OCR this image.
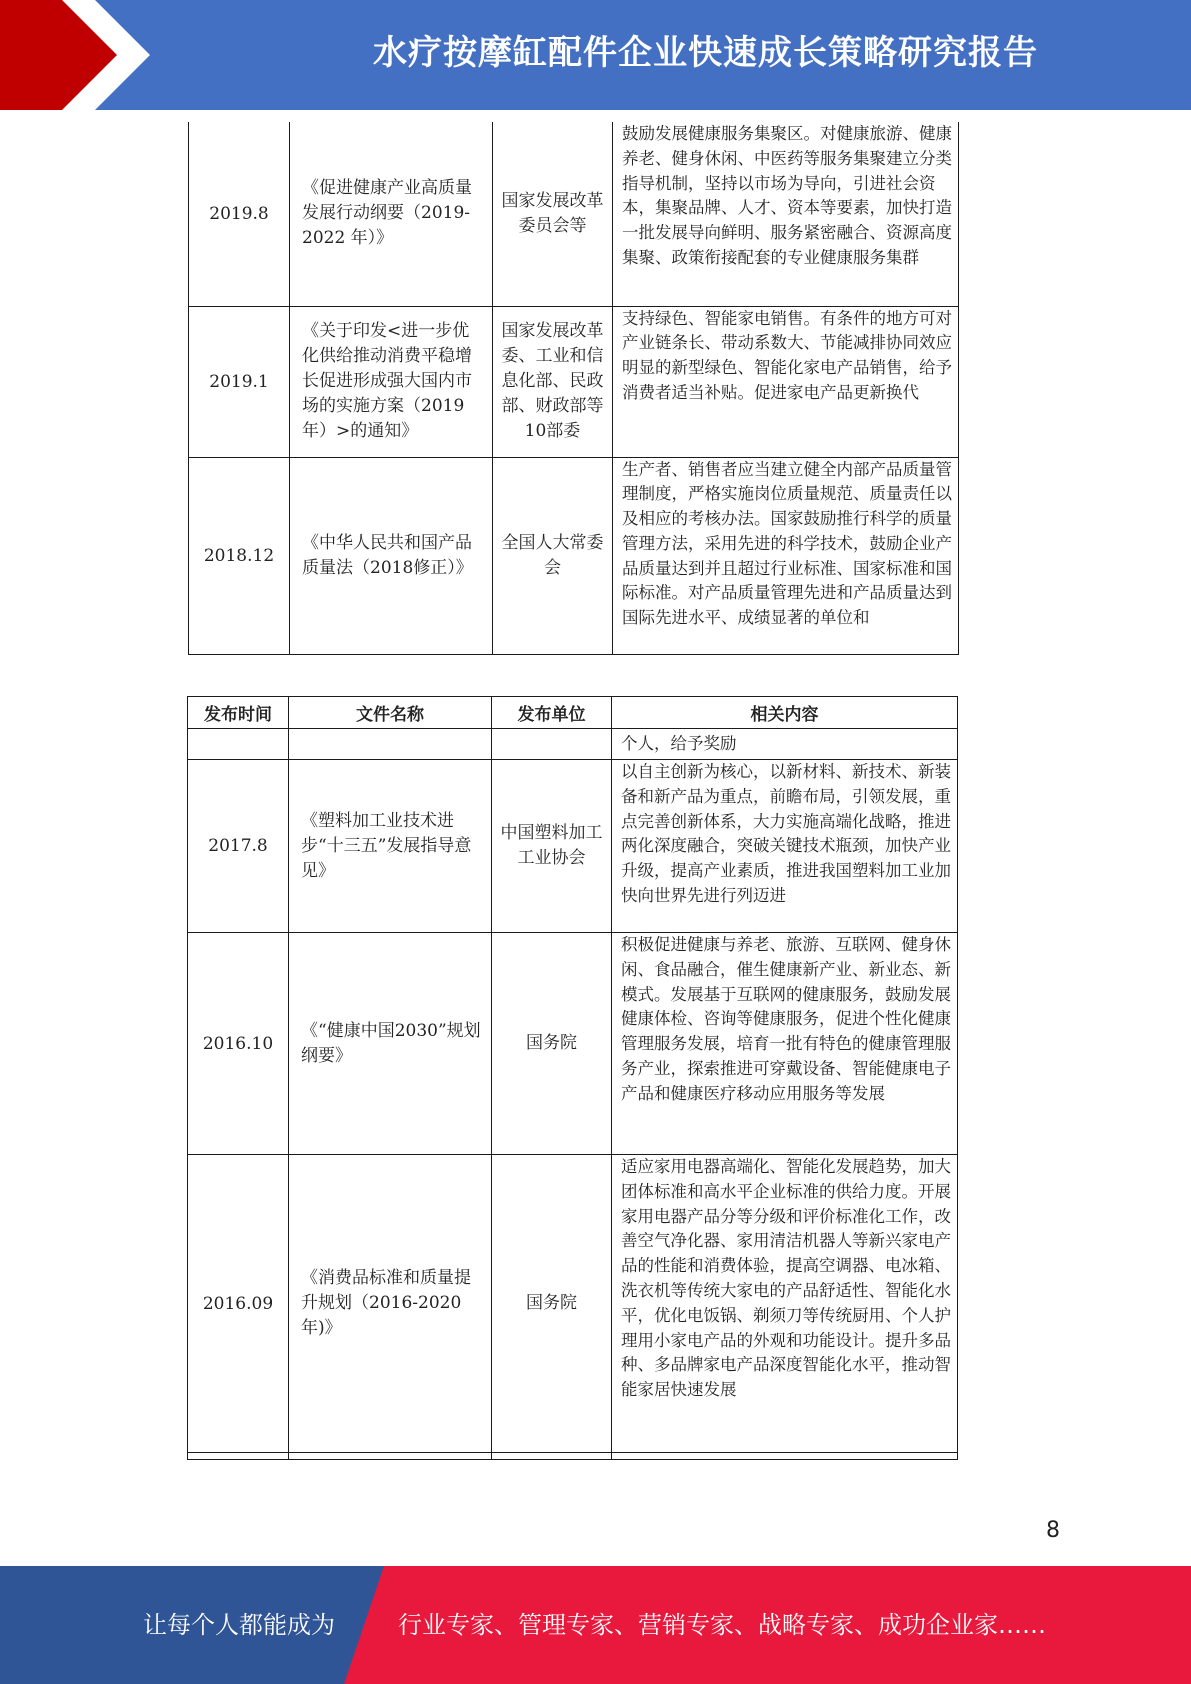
水疗按摩缸配件企业快速成长策略研究报告
2019.8	《促进健康产业高质量发展行动纲要（2019-2022 年）》	国家发展改革委员会等	鼓励发展健康服务集聚区。对健康旅游、健康养老、健身休闲、中医药等服务集聚建立分类指导机制，坚持以市场为导向，引进社会资本，集聚品牌、人才、资本等要素，加快打造一批发展导向鲜明、服务紧密融合、资源高度集聚、政策衔接配套的专业健康服务集群
2019.1	《关于印发<进一步优化供给推动消费平稳增长促进形成强大国内市场的实施方案（2019 年）>的通知》	国家发展改革委、工业和信息化部、民政部、财政部等10部委	支持绿色、智能家电销售。有条件的地方可对产业链条长、带动系数大、节能减排协同效应明显的新型绿色、智能化家电产品销售，给予消费者适当补贴。促进家电产品更新换代
2018.12	《中华人民共和国产品质量法（2018修正）》	全国人大常委会	生产者、销售者应当建立健全内部产品质量管理制度，严格实施岗位质量规范、质量责任以及相应的考核办法。国家鼓励推行科学的质量管理方法，采用先进的科学技术，鼓励企业产品质量达到并且超过行业标准、国家标准和国际标准。对产品质量管理先进和产品质量达到国际先进水平、成绩显著的单位和
发布时间	文件名称	发布单位	相关内容
			个人，给予奖励
2017.8	《塑料加工业技术进步“十三五”发展指导意见》	中国塑料加工工业协会	以自主创新为核心，以新材料、新技术、新装备和新产品为重点，前瞻布局，引领发展，重点完善创新体系，大力实施高端化战略，推进两化深度融合，突破关键技术瓶颈，加快产业升级，提高产业素质，推进我国塑料加工业加快向世界先进行列迈进
2016.10	《“健康中国2030”规划纲要》	国务院	积极促进健康与养老、旅游、互联网、健身休闲、食品融合，催生健康新产业、新业态、新模式。发展基于互联网的健康服务，鼓励发展健康体检、咨询等健康服务，促进个性化健康管理服务发展，培育一批有特色的健康管理服务产业，探索推进可穿戴设备、智能健康电子产品和健康医疗移动应用服务等发展
2016.09	《消费品标准和质量提升规划（2016-2020年)》	国务院	适应家用电器高端化、智能化发展趋势，加大团体标准和高水平企业标准的供给力度。开展家用电器产品分等分级和评价标准化工作，改善空气净化器、家用清洁机器人等新兴家电产品的性能和消费体验，提高空调器、电冰箱、洗衣机等传统大家电的产品舒适性、智能化水平，优化电饭锅、剃须刀等传统厨用、个人护理用小家电产品的外观和功能设计。提升多品种、多品牌家电产品深度智能化水平，推动智能家居快速发展

8
让每个人都能成为	行业专家、管理专家、营销专家、战略专家、成功企业家……
